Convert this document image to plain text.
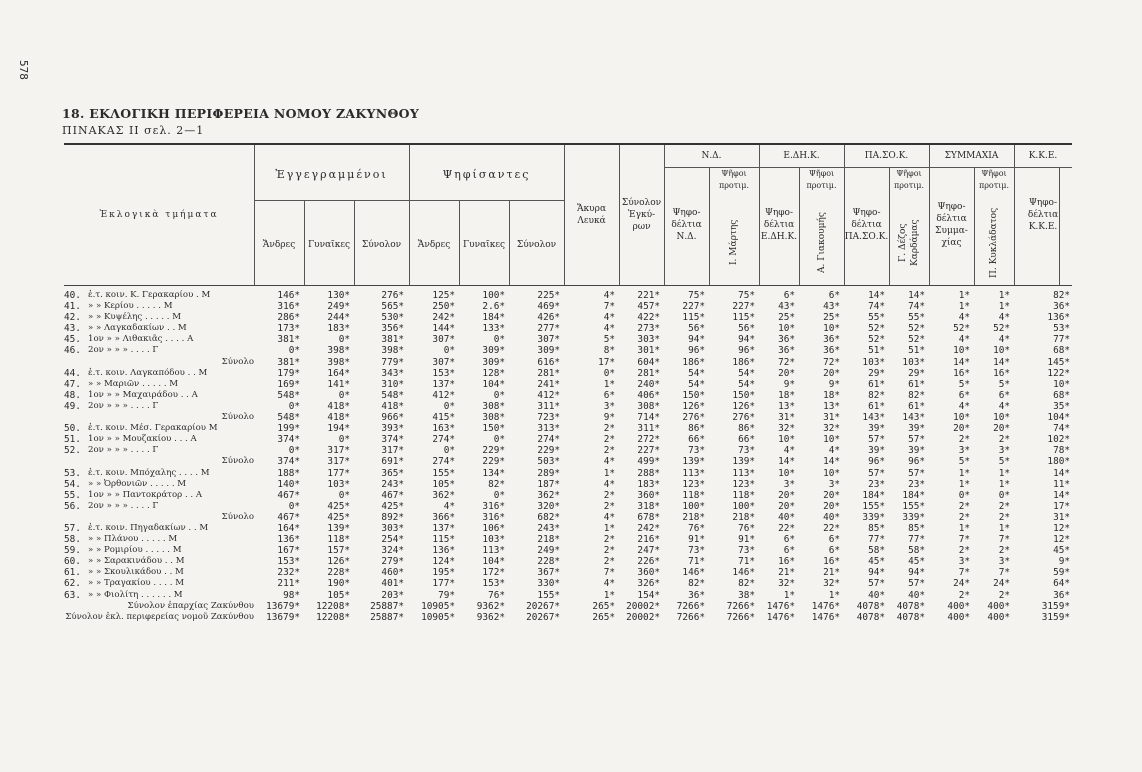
578
18. ΕΚΛΟΓΙΚΗ ΠΕΡΙΦΕΡΕΙΑ ΝΟΜΟΥ ΖΑΚΥΝΘΟΥ
ΠΙΝΑΚΑΣ ΙΙ σελ. 2—1
Ἐκλογικὰ τμήματα
Ἐγγεγραμμένοι	Ψηφίσαντες
Ἄνδρες	Γυναῖκες	Σύνολον	Ἄνδρες	Γυναῖκες	Σύνολον
Ἄκυρα Λευκά
Σύνολον Ἐγκύ-ρων
Ν.Δ.
Ψηφο-δέλτια Ν.Δ.
Ψῆφοι προτιμ.
Ι. Μάρτης
Ε.ΔΗ.Κ.
Ψηφο-δέλτια Ε.ΔΗ.Κ.
Ψῆφοι προτιμ.
Α. Γιακουμής
ΠΑ.ΣΟ.Κ.
Ψηφο-δέλτια ΠΑ.ΣΟ.Κ.
Ψῆφοι προτιμ.
Γ. Δέζος Καρδάμας
ΣΥΜΜΑΧΙΑ
Ψηφο-δέλτια Συμμα-χίας
Ψῆφοι προτιμ.
Π. Κυκλάδατος
Κ.Κ.Ε.
Ψηφο-δέλτια Κ.Κ.Ε.
40. ἐ.τ. κοιν. Κ. Γερακαρίου . M	146*	130*	276*	125*	100*	225*	4* 221*	75*	75*	6*	6*	14* 14*	1*	1*	82*
41. » » Κερίου . . . . . M	316*	249*	565*	250*	2.6*	469*	7* 457* 227*	227* 43*	43*	74* 74*	1*	1*	36*
42. » » Κυψέλης . . . . . M	286*	244*	530*	242*	184*	426*	4* 422* 115*	115* 25*	25*	55* 55*	4*	4*	136*
43. » » Λαγκαδακίων . . M	173*	183*	356*	144*	133*	277*	4* 273*	56*	56* 10*	10*	52* 52*	52* 52*	53*
45. 1ον » » Λιθακιᾶς . . . . A	381*	0*	381*	307*	0*	307*	5* 303*	94*	94* 36*	36*	52* 52*	4*	4*	77*
46. 2ον » » » . . . . Γ	0*	398*	398*	0*	309*	309*	8* 301*	96*	96* 36*	36*	51* 51*	10* 10*	68*
Σύνολο 381*	398*	779*	307*	309*	616*	17* 604* 186*	186* 72*	72* 103* 103*	14* 14*	145*
44. ἐ.τ. κοιν. Λαγκαπόδου . . M	179*	164*	343*	153*	128*	281*	0* 281*	54*	54* 20*	20*	29* 29*	16* 16*	122*
47. » » Μαριῶν . . . . . M	169*	141*	310*	137*	104*	241*	1* 240*	54*	54*	9*	9*	61* 61*	5*	5*	10*
48. 1ον » » Μαχαιράδου . . A	548*	0*	548*	412*	0*	412*	6* 406* 150*	150* 18*	18*	82* 82*	6*	6*	68*
49. 2ον » » » . . . . Γ	0*	418*	418*	0*	308*	311*	3* 308* 126*	126* 13*	13*	61* 61*	4*	4*	35*
Σύνολο 548*	418*	966*	415*	308*	723*	9* 714* 276*	276* 31*	31* 143* 143*	10* 10*	104*
50. ἐ.τ. κοιν. Μέσ. Γερακαρίου M	199*	194*	393*	163*	150*	313*	2* 311*	86*	86* 32*	32*	39* 39*	20* 20*	74*
51. 1ον » » Μουζακίου . . . A	374*	0*	374*	274*	0*	274*	2* 272*	66*	66* 10*	10*	57* 57*	2*	2*	102*
52. 2ον » » » . . . . Γ	0*	317*	317*	0*	229*	229*	2* 227*	73*	73*	4*	4*	39* 39*	3*	3*	78*
Σύνολο 374*	317*	691*	274*	229*	503*	4* 499* 139*	139* 14*	14*	96* 96*	5*	5*	180*
53. ἐ.τ. κοιν. Μπόχαλης . . . . M	188*	177*	365*	155*	134*	289*	1* 288* 113*	113* 10*	10*	57* 57*	1*	1*	14*
54. » » Ὀρθονιῶν . . . . . M	140*	103*	243*	105*	82*	187*	4* 183* 123*	123*	3*	3*	23* 23*	1*	1*	11*
55. 1ον » » Παντοκράτορ . . A	467*	0*	467*	362*	0*	362*	2* 360* 118*	118* 20*	20* 184* 184*	0*	0*	14*
56. 2ον » » » . . . . Γ	0*	425*	425*	4*	316*	320*	2* 318* 100*	100* 20*	20* 155* 155*	2*	2*	17*
Σύνολο 467*	425*	892*	366*	316*	682*	4* 678* 218*	218* 40*	40* 339* 339*	2*	2*	31*
57. ἐ.τ. κοιν. Πηγαδακίων . . M	164*	139*	303*	137*	106*	243*	1* 242*	76*	76* 22*	22*	85* 85*	1*	1*	12*
58. » » Πλάνου . . . . . M	136*	118*	254*	115*	103*	218*	2* 216*	91*	91*	6*	6*	77* 77*	7*	7*	12*
59. » » Ρομιρίου . . . . . M	167*	157*	324*	136*	113*	249*	2* 247*	73*	73*	6*	6*	58* 58*	2*	2*	45*
60. » » Σαρακινάδου . . M	153*	126*	279*	124*	104*	228*	2* 226*	71*	71* 16*	16*	45* 45*	3*	3*	9*
61. » » Σκουλικάδου . . M	232*	228*	460*	195*	172*	367*	7* 360* 146*	146* 21*	21*	94* 94*	7*	7*	59*
62. » » Τραγακίου . . . . M	211*	190*	401*	177*	153*	330*	4* 326*	82*	82* 32*	32*	57* 57*	24* 24*	64*
63. » » Φιολίτη . . . . . . M	98*	105*	203*	79*	76*	155*	1* 154*	36*	38*	1*	1*	40* 40*	2*	2*	36*
Σύνολον ἐπαρχίας Ζακύνθου 13679* 12208* 25887* 10905* 9362* 20267*	265* 20002* 7266* 7266* 1476* 1476* 4078* 4078* 400* 400*	3159*
Σύνολον ἐκλ. περιφερείας νομοῦ Ζακύνθου 13679* 12208* 25887* 10905* 9362* 20267*	265* 20002* 7266* 7266* 1476* 1476* 4078* 4078* 400* 400*	3159*
